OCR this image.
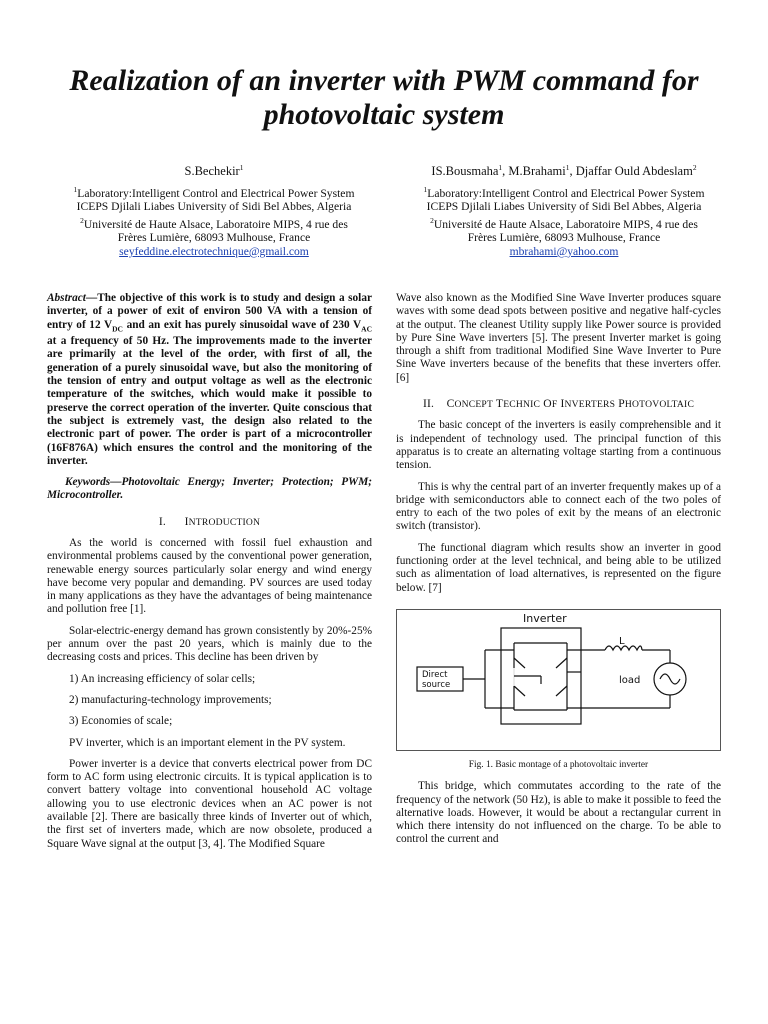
Realization of an inverter with PWM command for photovoltaic system
S.Bechekir$^1$
$^1$Laboratory:Intelligent Control and Electrical Power System
ICEPS Djilali Liabes University of Sidi Bel Abbes, Algeria
$^2$Université de Haute Alsace, Laboratoire MIPS, 4 rue des
Frères Lumière, 68093 Mulhouse, France
seyfeddine.electrotechnique@gmail.com
IS.Bousmaha$^1$, M.Brahami$^1$, Djaffar Ould Abdeslam$^2$
$^1$Laboratory:Intelligent Control and Electrical Power System
ICEPS Djilali Liabes University of Sidi Bel Abbes, Algeria
$^2$Université de Haute Alsace, Laboratoire MIPS, 4 rue des
Frères Lumière, 68093 Mulhouse, France
mbrahami@yahoo.com

Abstract—The objective of this work is to study and design a solar inverter, of a power of exit of environ 500 VA with a tension of entry of 12 $V_{DC}$ and an exit has purely sinusoidal wave of 230 $V_{AC}$ at a frequency of 50 Hz. The improvements made to the inverter are primarily at the level of the order, with first of all, the generation of a purely sinusoidal wave, but also the monitoring of the tension of entry and output voltage as well as the electronic temperature of the switches, which would make it possible to preserve the correct operation of the inverter. Quite conscious that the subject is extremely vast, the design also related to the electronic part of power. The order is part of a microcontroller (16F876A) which ensures the control and the monitoring of the inverter.

Keywords—Photovoltaic Energy; Inverter; Protection; PWM; Microcontroller.

I. INTRODUCTION

As the world is concerned with fossil fuel exhaustion and environmental problems caused by the conventional power generation, renewable energy sources particularly solar energy and wind energy have become very popular and demanding. PV sources are used today in many applications as they have the advantages of being maintenance and pollution free [1].

Solar-electric-energy demand has grown consistently by 20%-25% per annum over the past 20 years, which is mainly due to the decreasing costs and prices. This decline has been driven by

1) An increasing efficiency of solar cells;

2) manufacturing-technology improvements;

3) Economies of scale;

PV inverter, which is an important element in the PV system.

Power inverter is a device that converts electrical power from DC form to AC form using electronic circuits. It is typical application is to convert battery voltage into conventional household AC voltage allowing you to use electronic devices when an AC power is not available [2]. There are basically three kinds of Inverter out of which, the first set of inverters made, which are now obsolete, produced a Square Wave signal at the output [3, 4]. The Modified Square

Wave also known as the Modified Sine Wave Inverter produces square waves with some dead spots between positive and negative half-cycles at the output. The cleanest Utility supply like Power source is provided by Pure Sine Wave inverters [5]. The present Inverter market is going through a shift from traditional Modified Sine Wave Inverter to Pure Sine Wave inverters because of the benefits that these inverters offer. [6]

II. CONCEPT TECHNIC OF INVERTERS PHOTOVOLTAIC

The basic concept of the inverters is easily comprehensible and it is independent of technology used. The principal function of this apparatus is to create an alternating voltage starting from a continuous tension.

This is why the central part of an inverter frequently makes up of a bridge with semiconductors able to connect each of the two poles of entry to each of the two poles of exit by the means of an electronic switch (transistor).

The functional diagram which results show an inverter in good functioning order at the level technical, and being able to be utilized such as alimentation of load alternatives, is represented on the figure below. [7]

Inverter
L
load
Direct
source

Fig. 1. Basic montage of a photovoltaic inverter

This bridge, which commutates according to the rate of the frequency of the network (50 Hz), is able to make it possible to feed the alternative loads. However, it would be about a rectangular current in which there intensity do not influenced on the charge. To be able to control the current and
